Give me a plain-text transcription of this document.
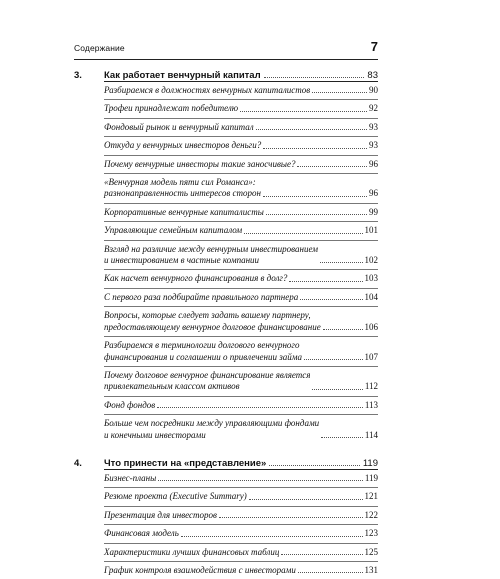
Содержание	7
3.	Как работает венчурный капитал	83
Разбираемся в должностях венчурных капиталистов	90
Трофеи принадлежат победителю	92
Фондовый рынок и венчурный капитал	93
Откуда у венчурных инвесторов деньги?	93
Почему венчурные инвесторы такие заносчивые?	96
«Венчурная модель пяти сил Романса»:
разнонаправленность интересов сторон	96
Корпоративные венчурные капиталисты	99
Управляющие семейным капиталом	101
Взгляд на различие между венчурным инвестированием
и инвестированием в частные компании	102
Как насчет венчурного финансирования в долг?	103
С первого раза подбирайте правильного партнера	104
Вопросы, которые следует задать вашему партнеру,
предоставляющему венчурное долговое финансирование	106
Разбираемся в терминологии долгового венчурного
финансирования и соглашении о привлечении займа	107
Почему долговое венчурное финансирование является
привлекательным классом активов	112
Фонд фондов	113
Больше чем посредники между управляющими фондами
и конечными инвесторами	114
4.	Что принести на «представление»	119
Бизнес-планы	119
Резюме проекта (Executive Summary)	121
Презентация для инвесторов	122
Финансовая модель	123
Характеристики лучших финансовых таблиц	125
График контроля взаимодействия с инвесторами	131
